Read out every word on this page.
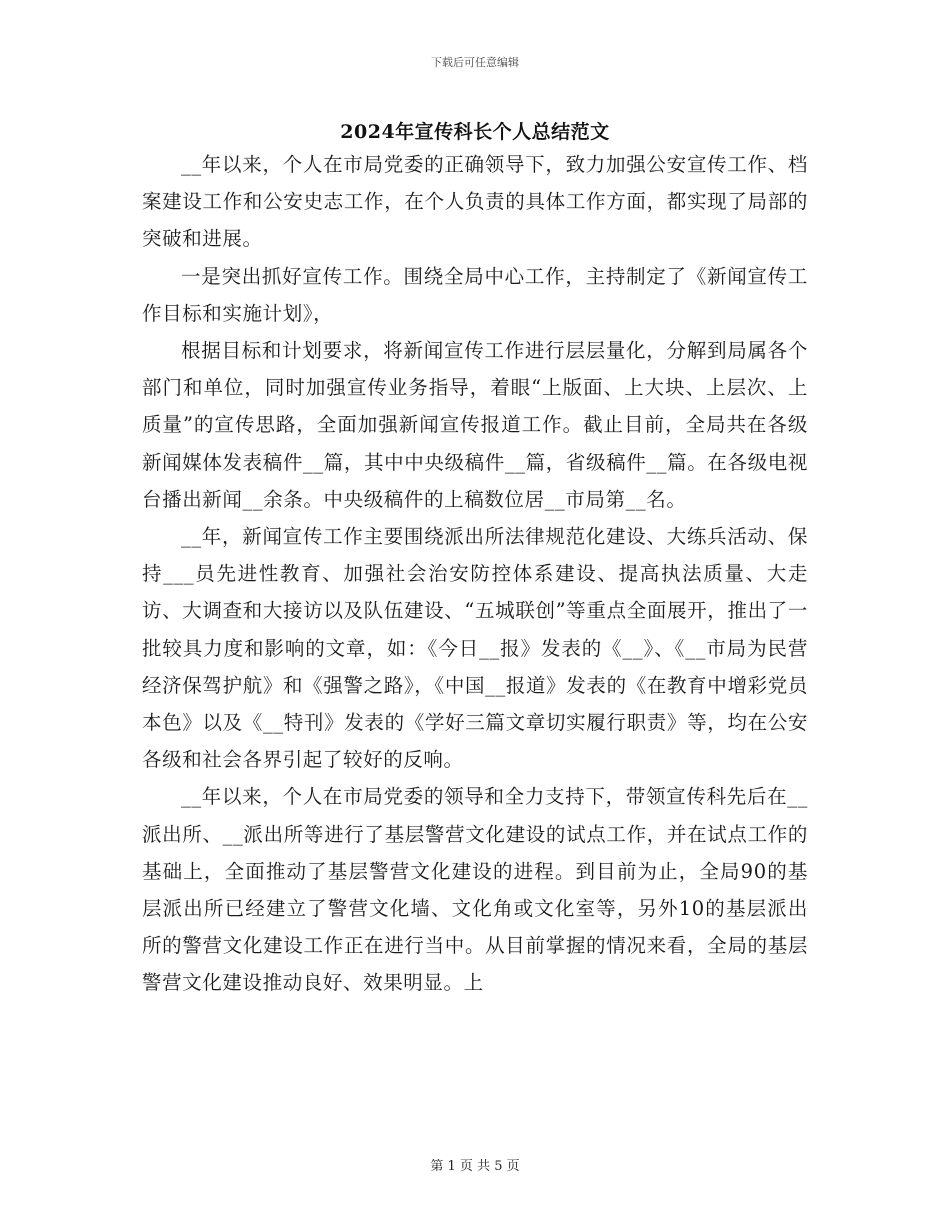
下载后可任意编辑
2024年宣传科长个人总结范文

__年以来，个人在市局党委的正确领导下，致力加强公安宣传工作、档案建设工作和公安史志工作，在个人负责的具体工作方面，都实现了局部的突破和进展。

一是突出抓好宣传工作。围绕全局中心工作，主持制定了《新闻宣传工作目标和实施计划》，

根据目标和计划要求，将新闻宣传工作进行层层量化，分解到局属各个部门和单位，同时加强宣传业务指导，着眼“上版面、上大块、上层次、上质量”的宣传思路，全面加强新闻宣传报道工作。截止目前，全局共在各级新闻媒体发表稿件__篇，其中中央级稿件__篇，省级稿件__篇。在各级电视台播出新闻__余条。中央级稿件的上稿数位居__市局第__名。

__年，新闻宣传工作主要围绕派出所法律规范化建设、大练兵活动、保持___员先进性教育、加强社会治安防控体系建设、提高执法质量、大走访、大调查和大接访以及队伍建设、“五城联创”等重点全面展开，推出了一批较具力度和影响的文章，如：《今日__报》发表的《__》、《__市局为民营经济保驾护航》和《强警之路》，《中国__报道》发表的《在教育中增彩党员本色》以及《__特刊》发表的《学好三篇文章切实履行职责》等，均在公安各级和社会各界引起了较好的反响。

__年以来，个人在市局党委的领导和全力支持下，带领宣传科先后在__派出所、__派出所等进行了基层警营文化建设的试点工作，并在试点工作的基础上，全面推动了基层警营文化建设的进程。到目前为止，全局90的基层派出所已经建立了警营文化墙、文化角或文化室等，另外10的基层派出所的警营文化建设工作正在进行当中。从目前掌握的情况来看，全局的基层警营文化建设推动良好、效果明显。上

第 1 页 共 5 页
